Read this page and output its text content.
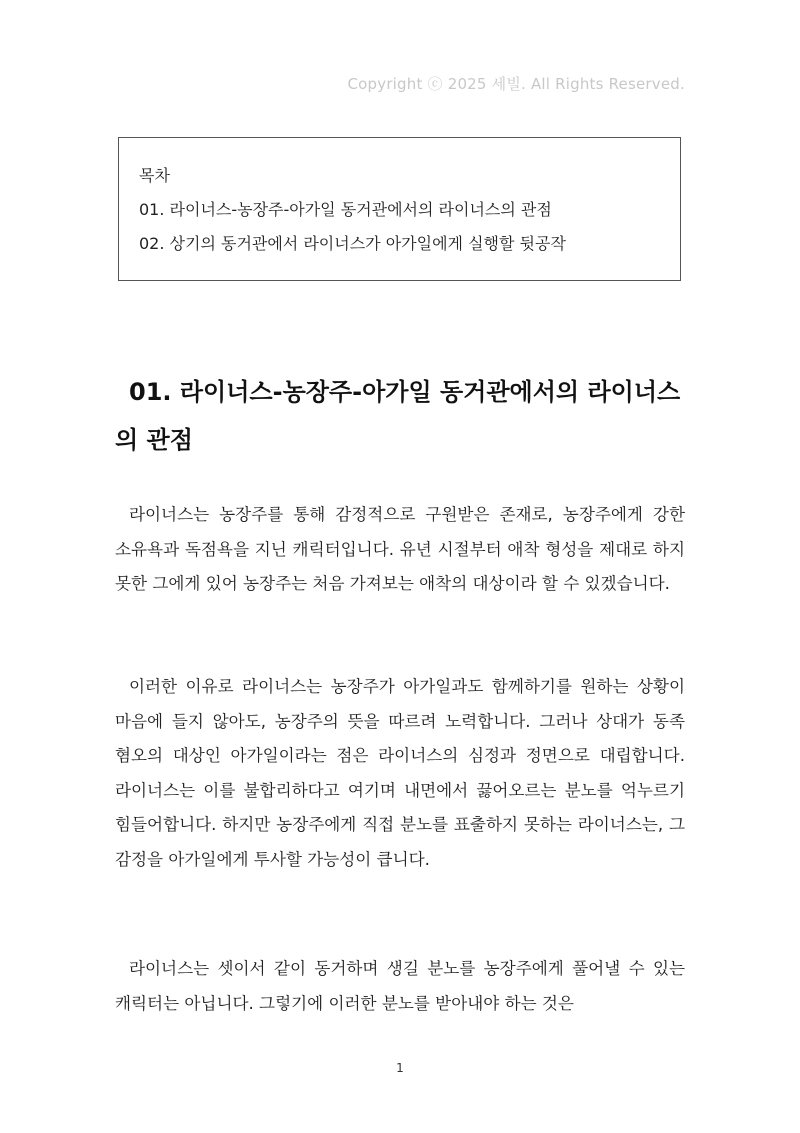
Copyright ⓒ 2025 세빌. All Rights Reserved.
목차
01. 라이너스-농장주-아가일 동거관에서의 라이너스의 관점
02. 상기의 동거관에서 라이너스가 아가일에게 실행할 뒷공작
01. 라이너스-농장주-아가일 동거관에서의 라이너스의 관점

라이너스는 농장주를 통해 감정적으로 구원받은 존재로, 농장주에게 강한 소유욕과 독점욕을 지닌 캐릭터입니다. 유년 시절부터 애착 형성을 제대로 하지 못한 그에게 있어 농장주는 처음 가져보는 애착의 대상이라 할 수 있겠습니다.

이러한 이유로 라이너스는 농장주가 아가일과도 함께하기를 원하는 상황이 마음에 들지 않아도, 농장주의 뜻을 따르려 노력합니다. 그러나 상대가 동족 혐오의 대상인 아가일이라는 점은 라이너스의 심정과 정면으로 대립합니다. 라이너스는 이를 불합리하다고 여기며 내면에서 끓어오르는 분노를 억누르기 힘들어합니다. 하지만 농장주에게 직접 분노를 표출하지 못하는 라이너스는, 그 감정을 아가일에게 투사할 가능성이 큽니다.

라이너스는 셋이서 같이 동거하며 생길 분노를 농장주에게 풀어낼 수 있는 캐릭터는 아닙니다. 그렇기에 이러한 분노를 받아내야 하는 것은

1
